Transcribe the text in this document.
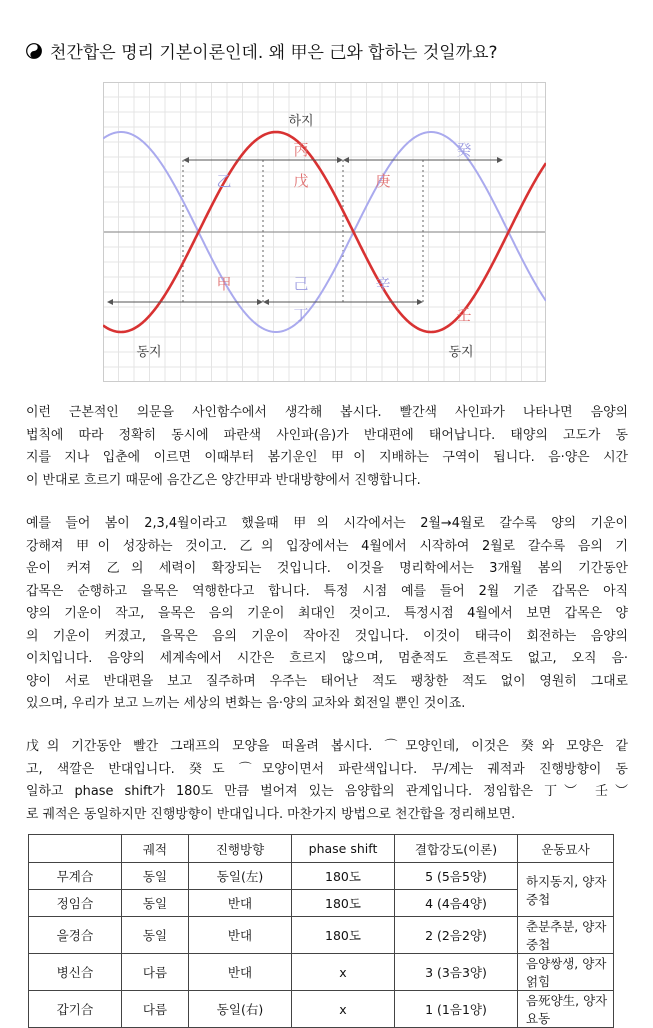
천간합은 명리 기본이론인데. 왜 甲은 己와 합하는 것일까요?
丙
乙	戊	庚
癸
甲	己	辛
丁	壬
하지
동지	동지
이런 근본적인 의문을 사인함수에서 생각해 봅시다. 빨간색 사인파가 나타나면 음양의
법칙에 따라 정확히 동시에 파란색 사인파(음)가 반대편에 태어납니다. 태양의 고도가 동
지를 지나 입춘에 이르면 이때부터 봄기운인 甲이 지배하는 구역이 됩니다. 음·양은 시간

이 반대로 흐르기 때문에 음간乙은 양간甲과 반대방향에서 진행합니다.
예를 들어 봄이 2,3,4월이라고 했을때 甲의 시각에서는 2월→4월로 갈수록 양의 기운이
강해져 甲이 성장하는 것이고. 乙의 입장에서는 4월에서 시작하여 2월로 갈수록 음의 기
운이 커져 乙의 세력이 확장되는 것입니다. 이것을 명리학에서는 3개월 봄의 기간동안
갑목은 순행하고 을목은 역행한다고 합니다. 특정 시점 예를 들어 2월 기준 갑목은 아직
양의 기운이 작고, 을목은 음의 기운이 최대인 것이고. 특정시점 4월에서 보면 갑목은 양
의 기운이 커졌고, 을목은 음의 기운이 작아진 것입니다. 이것이 태극이 회전하는 음양의
이치입니다. 음양의 세계속에서 시간은 흐르지 않으며, 멈춘적도 흐른적도 없고, 오직 음·
양이 서로 반대편을 보고 질주하며 우주는 태어난 적도 팽창한 적도 없이 영원히 그대로

있으며, 우리가 보고 느끼는 세상의 변화는 음·양의 교차와 회전일 뿐인 것이죠.
戊의 기간동안 빨간 그래프의 모양을 떠올려 봅시다. ⌒모양인데, 이것은 癸와 모양은 같
고, 색깔은 반대입니다. 癸도 ⌒모양이면서 파란색입니다. 무/계는 궤적과 진행방향이 동
일하고 phase shift가 180도 만큼 벌어져 있는 음양합의 관계입니다. 정임합은 丁︶ 壬︶

로 궤적은 동일하지만 진행방향이 반대입니다. 마찬가지 방법으로 천간합을 정리해보면.
	궤적	진행방향	phase shift	결합강도(이론)	운동묘사
무계合	동일	동일(左)	180도	5 (5음5양)	하지동지, 양자중첩
정임合	동일	반대	180도	4 (4음4양)	
을경合	동일	반대	180도	2 (2음2양)	춘분추분, 양자중첩
병신合	다름	반대	x	3 (3음3양)	음양쌍생, 양자얽힘
갑기合	다름	동일(右)	x	1 (1음1양)	음死양生, 양자요동
